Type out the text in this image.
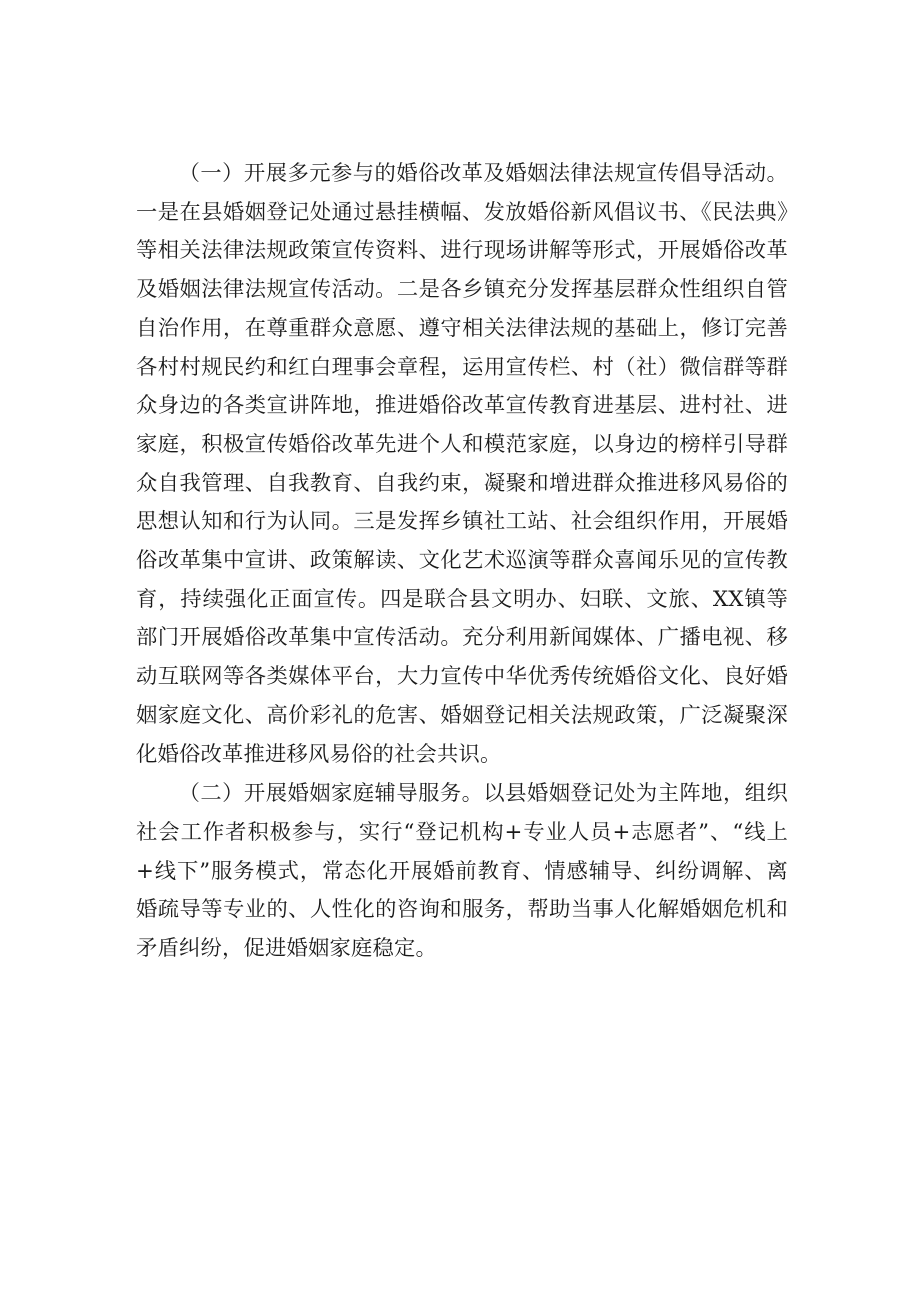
（一）开展多元参与的婚俗改革及婚姻法律法规宣传倡导活动。一是在县婚姻登记处通过悬挂横幅、发放婚俗新风倡议书、《民法典》等相关法律法规政策宣传资料、进行现场讲解等形式，开展婚俗改革及婚姻法律法规宣传活动。二是各乡镇充分发挥基层群众性组织自管自治作用，在尊重群众意愿、遵守相关法律法规的基础上，修订完善各村村规民约和红白理事会章程，运用宣传栏、村（社）微信群等群众身边的各类宣讲阵地，推进婚俗改革宣传教育进基层、进村社、进家庭，积极宣传婚俗改革先进个人和模范家庭，以身边的榜样引导群众自我管理、自我教育、自我约束，凝聚和增进群众推进移风易俗的思想认知和行为认同。三是发挥乡镇社工站、社会组织作用，开展婚俗改革集中宣讲、政策解读、文化艺术巡演等群众喜闻乐见的宣传教育，持续强化正面宣传。四是联合县文明办、妇联、文旅、XX镇等部门开展婚俗改革集中宣传活动。充分利用新闻媒体、广播电视、移动互联网等各类媒体平台，大力宣传中华优秀传统婚俗文化、良好婚姻家庭文化、高价彩礼的危害、婚姻登记相关法规政策，广泛凝聚深化婚俗改革推进移风易俗的社会共识。

（二）开展婚姻家庭辅导服务。以县婚姻登记处为主阵地，组织社会工作者积极参与，实行“登记机构+专业人员+志愿者”、“线上+线下”服务模式，常态化开展婚前教育、情感辅导、纠纷调解、离婚疏导等专业的、人性化的咨询和服务，帮助当事人化解婚姻危机和矛盾纠纷，促进婚姻家庭稳定。
